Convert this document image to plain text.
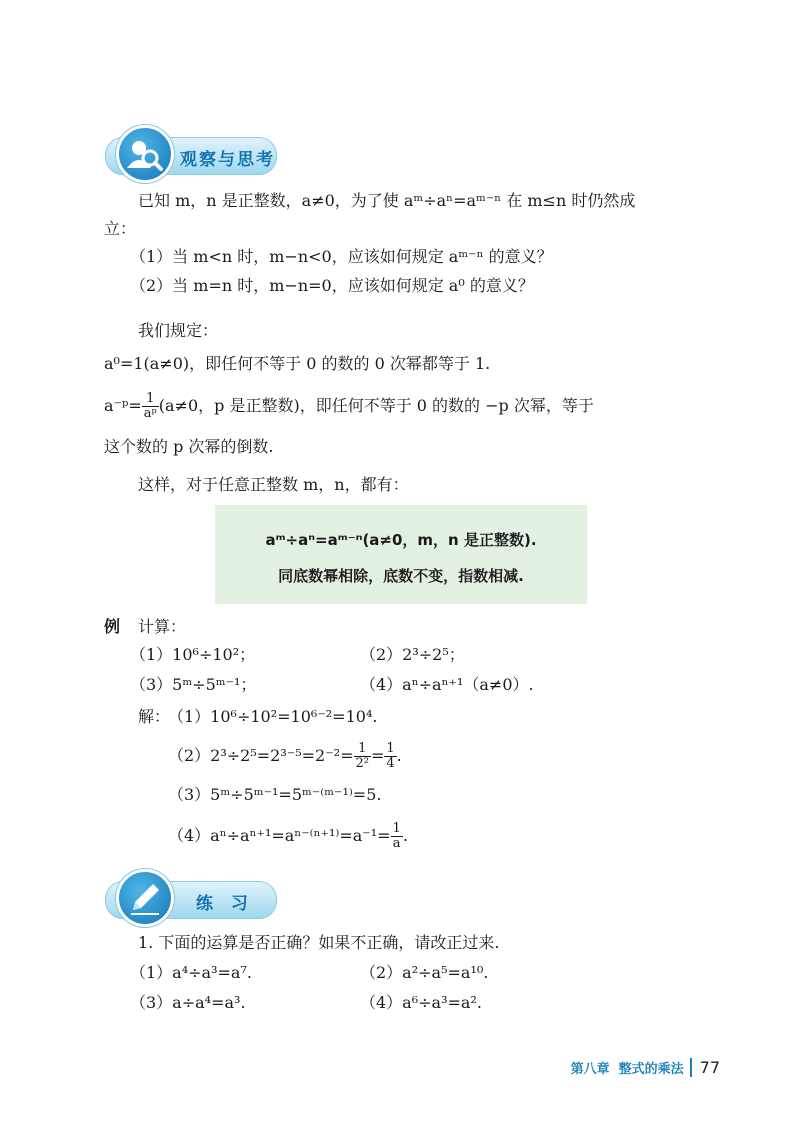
观察与思考
已知 m，n 是正整数，a≠0，为了使 aᵐ÷aⁿ=aᵐ⁻ⁿ 在 m≤n 时仍然成
立：
（1）当 m<n 时，m−n<0，应该如何规定 aᵐ⁻ⁿ 的意义？
（2）当 m=n 时，m−n=0，应该如何规定 a⁰ 的意义？
我们规定：
a⁰=1(a≠0)，即任何不等于 0 的数的 0 次幂都等于 1.
a⁻ᵖ= $\frac{1}{\text{aᵖ}} (a\ne 0$，p 是正整数)，即任何不等于 0 的数的 −p 次幂，等于
这个数的 p 次幂的倒数.
这样，对于任意正整数 m，n，都有：
aᵐ÷aⁿ=aᵐ⁻ⁿ(a≠0，m，n 是正整数).
同底数幂相除，底数不变，指数相减.
例 计算：
（1）10⁶÷10²；	（2）2³÷2⁵；
（3）5ᵐ÷5ᵐ⁻¹；	（4）aⁿ÷aⁿ⁺¹（a≠0）.
解：
（1）10⁶÷10²=10⁶⁻²=10⁴.
$(2)2^3\div 2^5=2^{3-5}=2^{-2}= \frac{1}{\text{2²}} = \frac{1}{4}$ .
（3）5ᵐ÷5ᵐ⁻¹=5ᵐ⁻⁽ᵐ⁻¹⁾=5.
$(4)a^n\div a^{n+1}=a^{n-(n+1)}=a^{-1}= \frac{1}{a}$ .
练  习
1. 下面的运算是否正确？如果不正确，请改正过来.
（1）a⁴÷a³=a⁷.	（2）a²÷a⁵=a¹⁰.
（3）a÷a⁴=a³.	（4）a⁶÷a³=a².
第八章  整式的乘法 77
